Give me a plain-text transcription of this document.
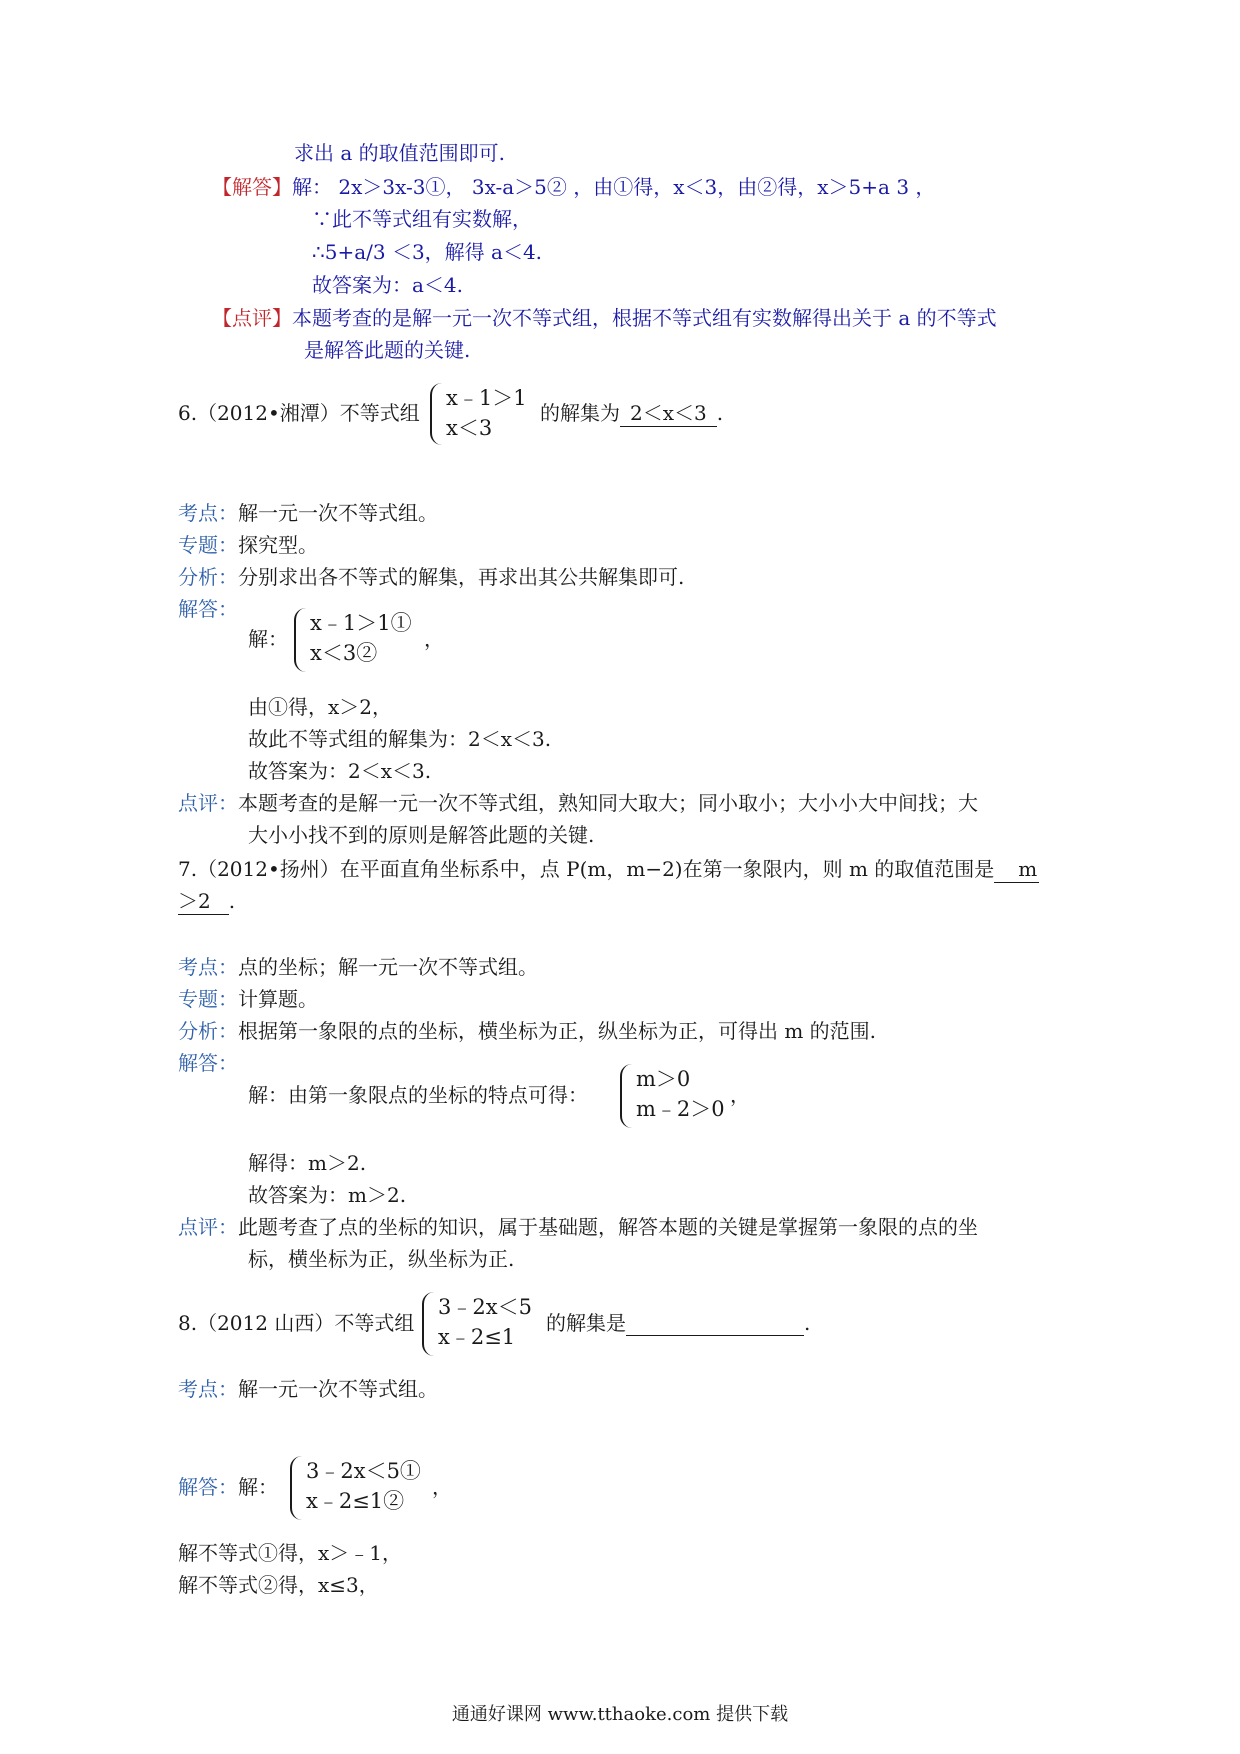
求出 a 的取值范围即可.
【解答】解： 2x＞3x-3①， 3x-a＞5② ，由①得，x＜3，由②得，x＞5+a 3 ，
∵此不等式组有实数解，
∴5+a/3 ＜3，解得 a＜4.
故答案为：a＜4.
【点评】本题考查的是解一元一次不等式组，根据不等式组有实数解得出关于 a 的不等式
是解答此题的关键.
6.（2012•湘潭）不等式组
x﹣1＞1
x＜3
的解集为 2＜x＜3 .
考点：解一元一次不等式组。
专题：探究型。
分析：分别求出各不等式的解集，再求出其公共解集即可.
解答：
解：
x﹣1＞1①
x＜3②
，
由①得，x＞2，
故此不等式组的解集为：2＜x＜3.
故答案为：2＜x＜3.
点评：本题考查的是解一元一次不等式组，熟知同大取大；同小取小；大小小大中间找；大
大小小找不到的原则是解答此题的关键.
7.（2012•扬州）在平面直角坐标系中，点 P(m，m−2)在第一象限内，则 m 的取值范围是 m
＞2 .
考点：点的坐标；解一元一次不等式组。
专题：计算题。
分析：根据第一象限的点的坐标，横坐标为正，纵坐标为正，可得出 m 的范围.
解答：
解：由第一象限点的坐标的特点可得：
m＞0
m﹣2＞0
，
解得：m＞2.
故答案为：m＞2.
点评：此题考查了点的坐标的知识，属于基础题，解答本题的关键是掌握第一象限的点的坐
标，横坐标为正，纵坐标为正.
8.（2012 山西）不等式组
3﹣2x＜5
x﹣2≤1
的解集是	.
考点：解一元一次不等式组。
解答：解：
3﹣2x＜5①
x﹣2≤1②
，
解不等式①得，x＞﹣1，
解不等式②得，x≤3，
通通好课网 www.tthaoke.com 提供下载
